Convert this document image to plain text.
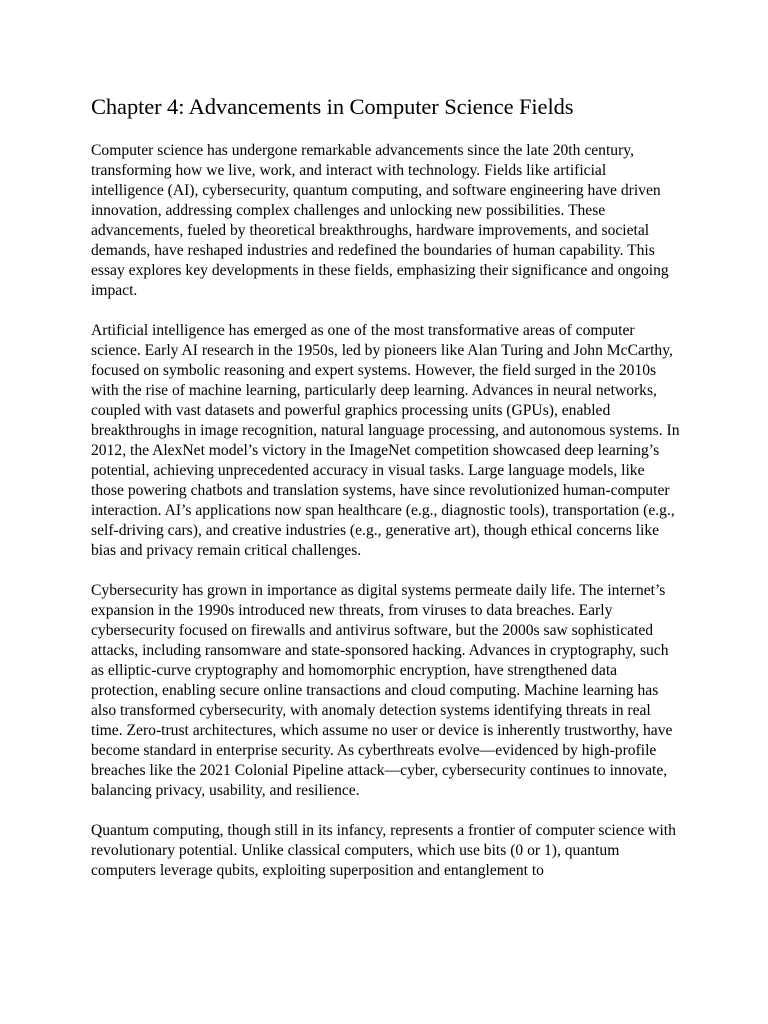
Chapter 4: Advancements in Computer Science Fields

Computer science has undergone remarkable advancements since the late 20th century, transforming how we live, work, and interact with technology. Fields like artificial intelligence (AI), cybersecurity, quantum computing, and software engineering have driven innovation, addressing complex challenges and unlocking new possibilities. These advancements, fueled by theoretical breakthroughs, hardware improvements, and societal demands, have reshaped industries and redefined the boundaries of human capability. This essay explores key developments in these fields, emphasizing their significance and ongoing impact.

Artificial intelligence has emerged as one of the most transformative areas of computer science. Early AI research in the 1950s, led by pioneers like Alan Turing and John McCarthy, focused on symbolic reasoning and expert systems. However, the field surged in the 2010s with the rise of machine learning, particularly deep learning. Advances in neural networks, coupled with vast datasets and powerful graphics processing units (GPUs), enabled breakthroughs in image recognition, natural language processing, and autonomous systems. In 2012, the AlexNet model’s victory in the ImageNet competition showcased deep learning’s potential, achieving unprecedented accuracy in visual tasks. Large language models, like those powering chatbots and translation systems, have since revolutionized human-computer interaction. AI’s applications now span healthcare (e.g., diagnostic tools), transportation (e.g., self-driving cars), and creative industries (e.g., generative art), though ethical concerns like bias and privacy remain critical challenges.

Cybersecurity has grown in importance as digital systems permeate daily life. The internet’s expansion in the 1990s introduced new threats, from viruses to data breaches. Early cybersecurity focused on firewalls and antivirus software, but the 2000s saw sophisticated attacks, including ransomware and state-sponsored hacking. Advances in cryptography, such as elliptic-curve cryptography and homomorphic encryption, have strengthened data protection, enabling secure online transactions and cloud computing. Machine learning has also transformed cybersecurity, with anomaly detection systems identifying threats in real time. Zero-trust architectures, which assume no user or device is inherently trustworthy, have become standard in enterprise security. As cyberthreats evolve—evidenced by high-profile breaches like the 2021 Colonial Pipeline attack—cyber, cybersecurity continues to innovate, balancing privacy, usability, and resilience.

Quantum computing, though still in its infancy, represents a frontier of computer science with revolutionary potential. Unlike classical computers, which use bits (0 or 1), quantum computers leverage qubits, exploiting superposition and entanglement to
